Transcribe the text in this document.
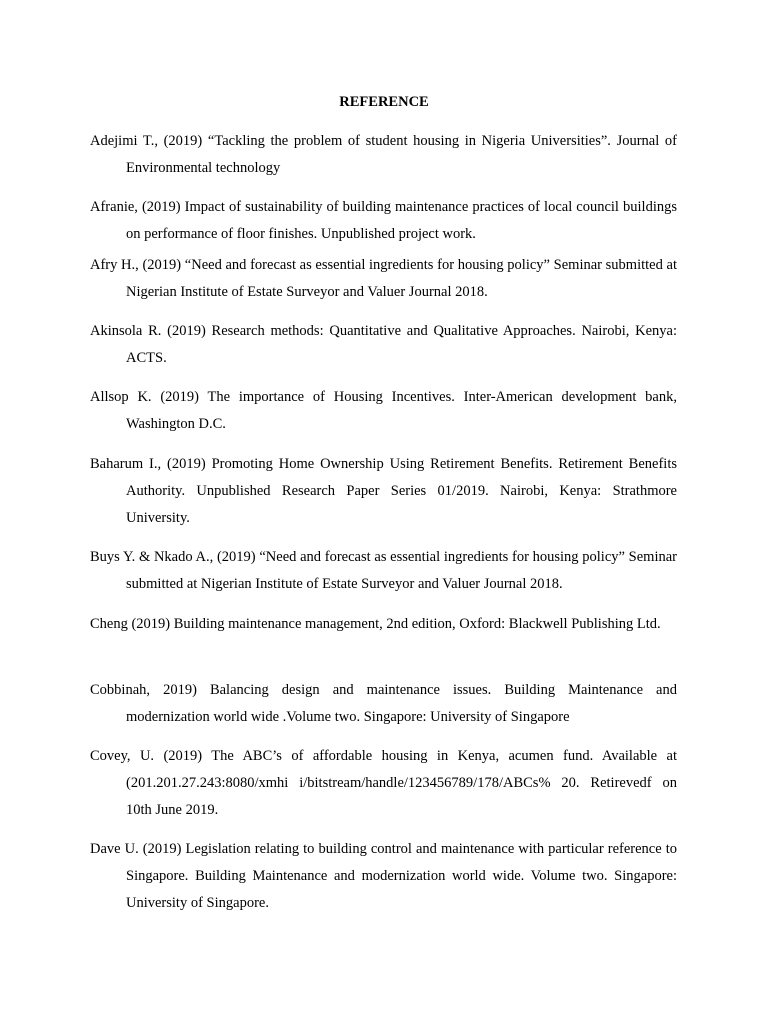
REFERENCE

Adejimi T., (2019) “Tackling the problem of student housing in Nigeria Universities”. Journal of Environmental technology

Afranie, (2019) Impact of sustainability of building maintenance practices of local council buildings on performance of floor finishes. Unpublished project work.

Afry H., (2019) “Need and forecast as essential ingredients for housing policy” Seminar submitted at Nigerian Institute of Estate Surveyor and Valuer Journal 2018.

Akinsola R. (2019) Research methods: Quantitative and Qualitative Approaches. Nairobi, Kenya: ACTS.

Allsop K. (2019) The importance of Housing Incentives. Inter-American development bank, Washington D.C.

Baharum I., (2019) Promoting Home Ownership Using Retirement Benefits. Retirement Benefits Authority. Unpublished Research Paper Series 01/2019. Nairobi, Kenya: Strathmore University.

Buys Y. & Nkado A., (2019) “Need and forecast as essential ingredients for housing policy” Seminar submitted at Nigerian Institute of Estate Surveyor and Valuer Journal 2018.

Cheng (2019) Building maintenance management, 2nd edition, Oxford: Blackwell Publishing Ltd.

Cobbinah, 2019) Balancing design and maintenance issues. Building Maintenance and modernization world wide .Volume two. Singapore: University of Singapore

Covey, U. (2019) The ABC’s of affordable housing in Kenya, acumen fund. Available at (201.201.27.243:8080/xmhi i/bitstream/handle/123456789/178/ABCs% 20. Retirevedf on 10th June 2019.

Dave U. (2019) Legislation relating to building control and maintenance with particular reference to Singapore. Building Maintenance and modernization world wide. Volume two. Singapore: University of Singapore.
